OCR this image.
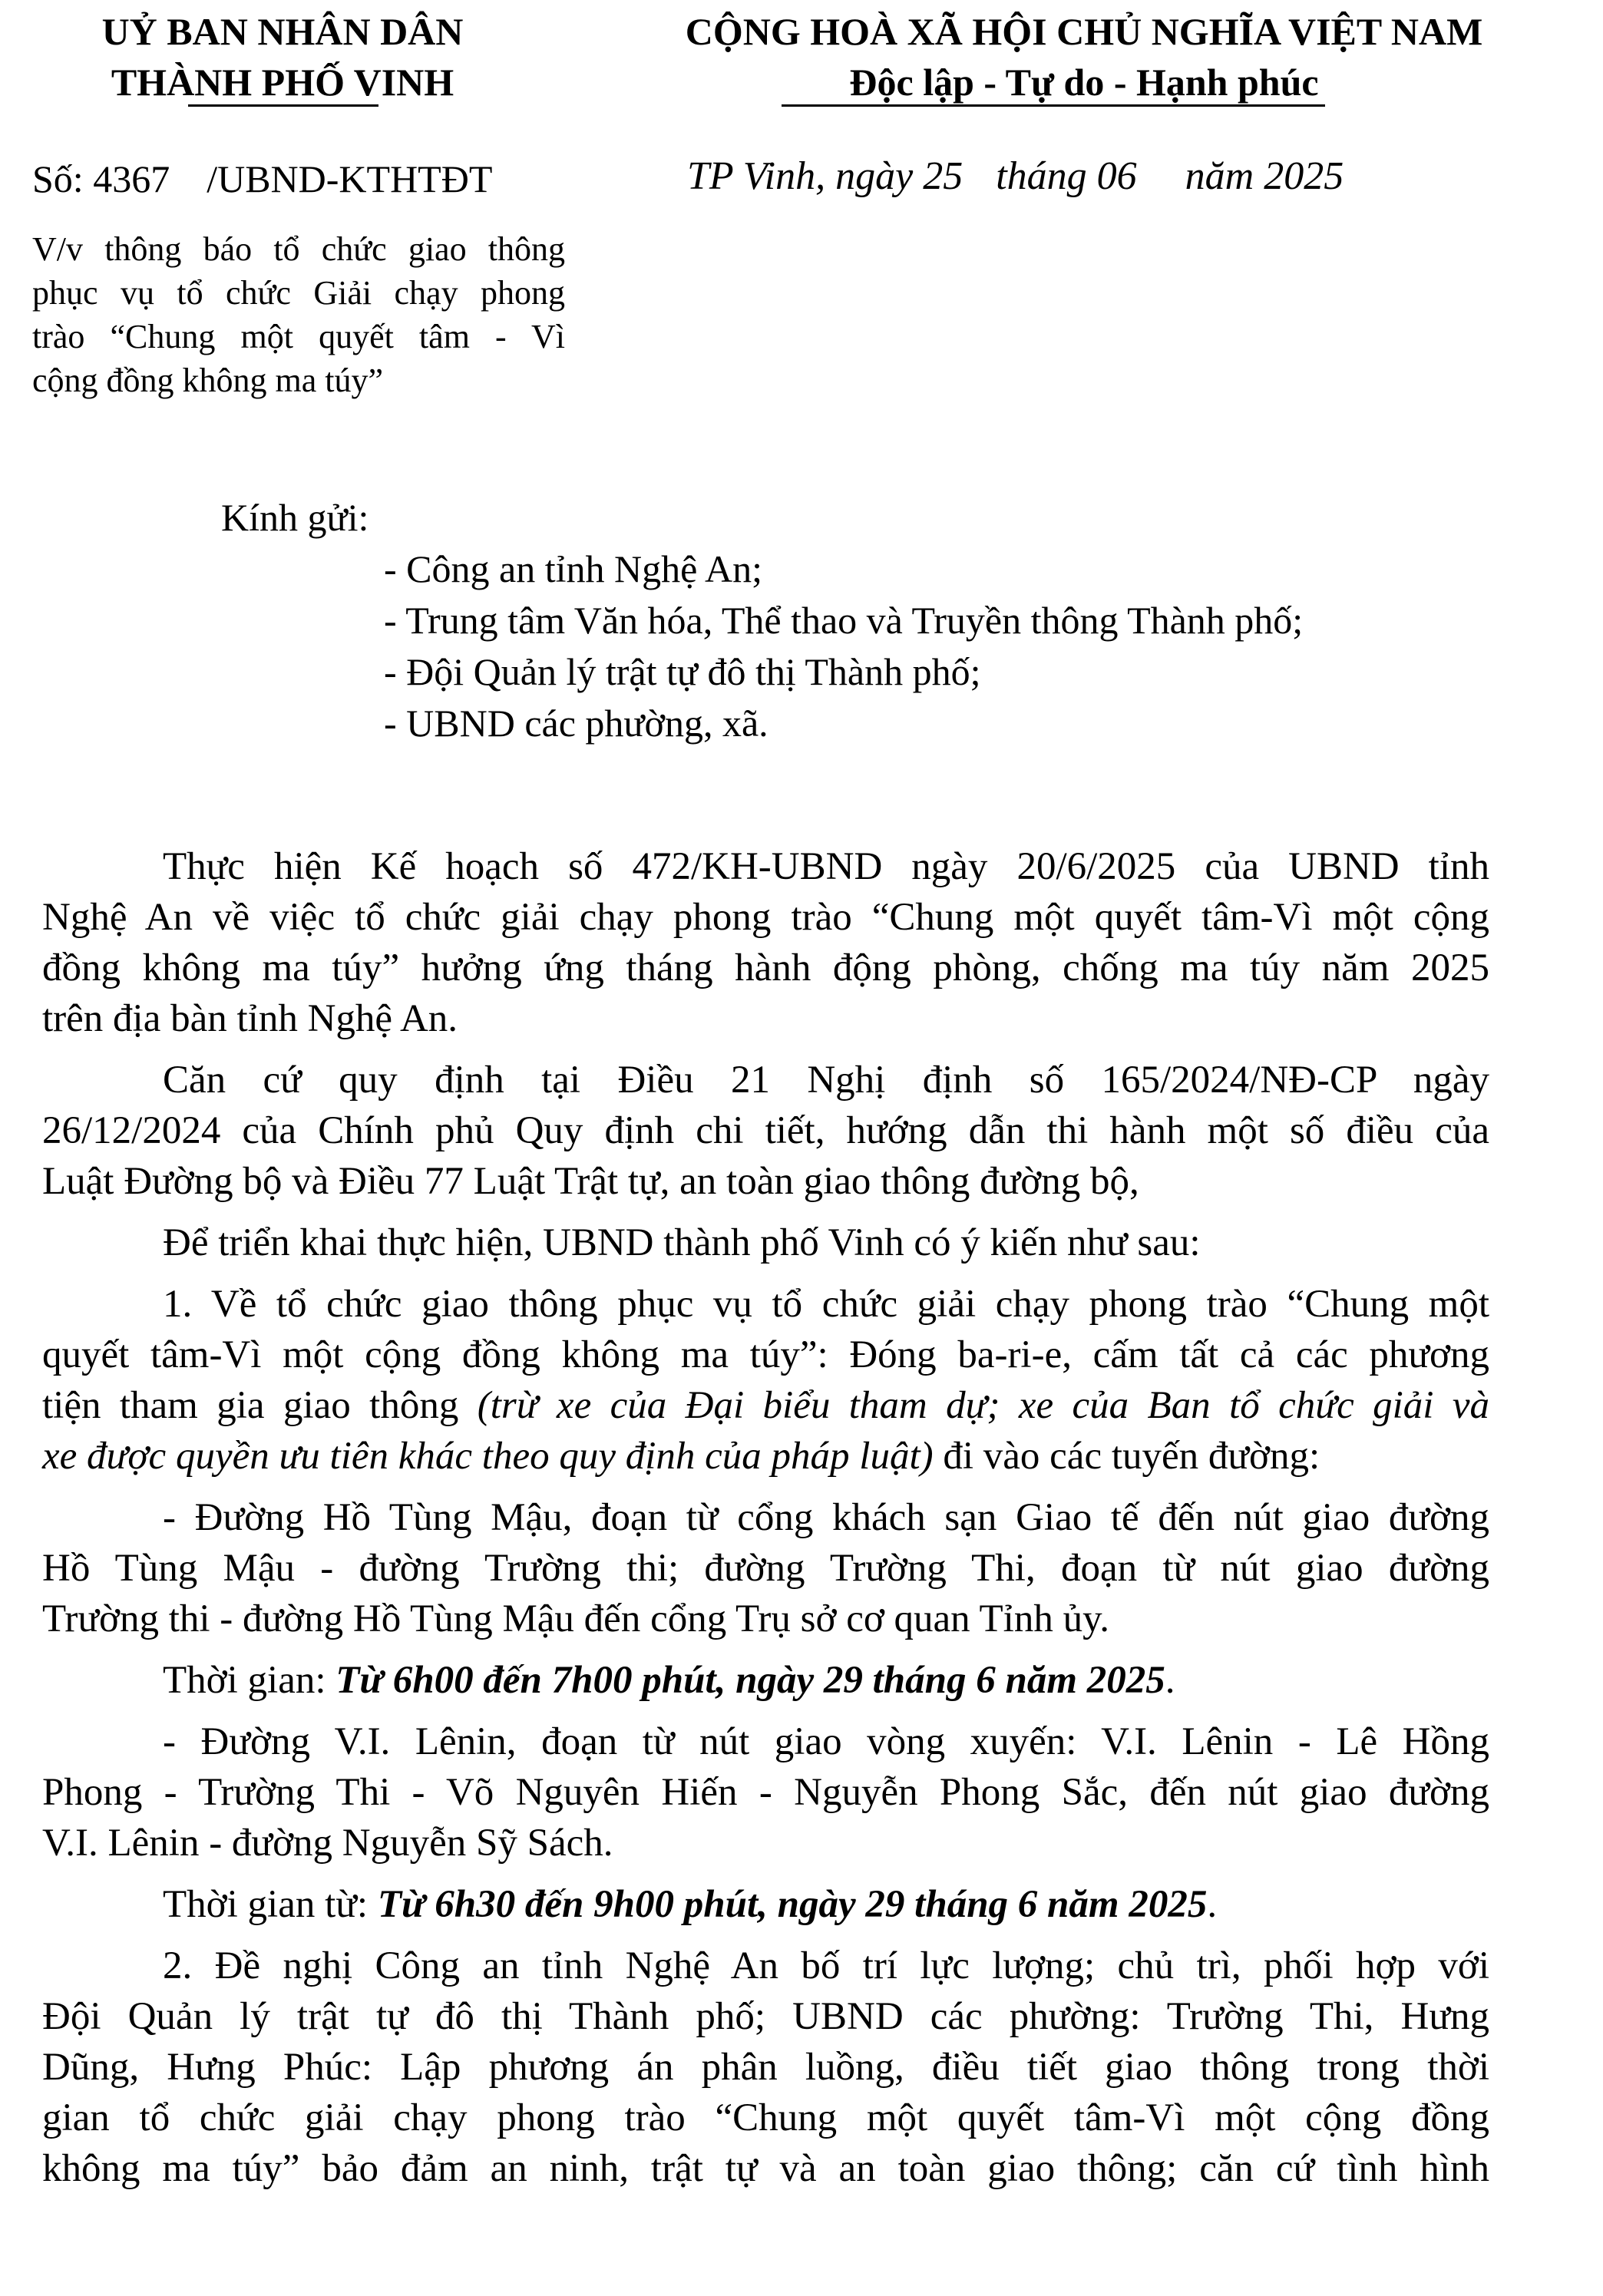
UỶ BAN NHÂN DÂN
THÀNH PHỐ VINH
CỘNG HOÀ XÃ HỘI CHỦ NGHĨA VIỆT NAM
Độc lập - Tự do - Hạnh phúc
Số: 4367 /UBND-KTHTĐT	TP Vinh, ngày 25 tháng 06 năm 2025
V/v thông báo tổ chức giao thông
phục vụ tổ chức Giải chạy phong
trào “Chung một quyết tâm - Vì
cộng đồng không ma túy”
Kính gửi:
- Công an tỉnh Nghệ An;
- Trung tâm Văn hóa, Thể thao và Truyền thông Thành phố;
- Đội Quản lý trật tự đô thị Thành phố;
- UBND các phường, xã.
Thực hiện Kế hoạch số 472/KH-UBND ngày 20/6/2025 của UBND tỉnh
Nghệ An về việc tổ chức giải chạy phong trào “Chung một quyết tâm-Vì một cộng
đồng không ma túy” hưởng ứng tháng hành động phòng, chống ma túy năm 2025
trên địa bàn tỉnh Nghệ An.
Căn cứ quy định tại Điều 21 Nghị định số 165/2024/NĐ-CP ngày
26/12/2024 của Chính phủ Quy định chi tiết, hướng dẫn thi hành một số điều của
Luật Đường bộ và Điều 77 Luật Trật tự, an toàn giao thông đường bộ,
Để triển khai thực hiện, UBND thành phố Vinh có ý kiến như sau:
1. Về tổ chức giao thông phục vụ tổ chức giải chạy phong trào “Chung một
quyết tâm-Vì một cộng đồng không ma túy”: Đóng ba-ri-e, cấm tất cả các phương
tiện tham gia giao thông (trừ xe của Đại biểu tham dự; xe của Ban tổ chức giải và
xe được quyền ưu tiên khác theo quy định của pháp luật) đi vào các tuyến đường:
- Đường Hồ Tùng Mậu, đoạn từ cổng khách sạn Giao tế đến nút giao đường
Hồ Tùng Mậu - đường Trường thi; đường Trường Thi, đoạn từ nút giao đường
Trường thi - đường Hồ Tùng Mậu đến cổng Trụ sở cơ quan Tỉnh ủy.
Thời gian: Từ 6h00 đến 7h00 phút, ngày 29 tháng 6 năm 2025.
- Đường V.I. Lênin, đoạn từ nút giao vòng xuyến: V.I. Lênin - Lê Hồng
Phong - Trường Thi - Võ Nguyên Hiến - Nguyễn Phong Sắc, đến nút giao đường
V.I. Lênin - đường Nguyễn Sỹ Sách.
Thời gian từ: Từ 6h30 đến 9h00 phút, ngày 29 tháng 6 năm 2025.
2. Đề nghị Công an tỉnh Nghệ An bố trí lực lượng; chủ trì, phối hợp với
Đội Quản lý trật tự đô thị Thành phố; UBND các phường: Trường Thi, Hưng
Dũng, Hưng Phúc: Lập phương án phân luồng, điều tiết giao thông trong thời
gian tổ chức giải chạy phong trào “Chung một quyết tâm-Vì một cộng đồng
không ma túy” bảo đảm an ninh, trật tự và an toàn giao thông; căn cứ tình hình
